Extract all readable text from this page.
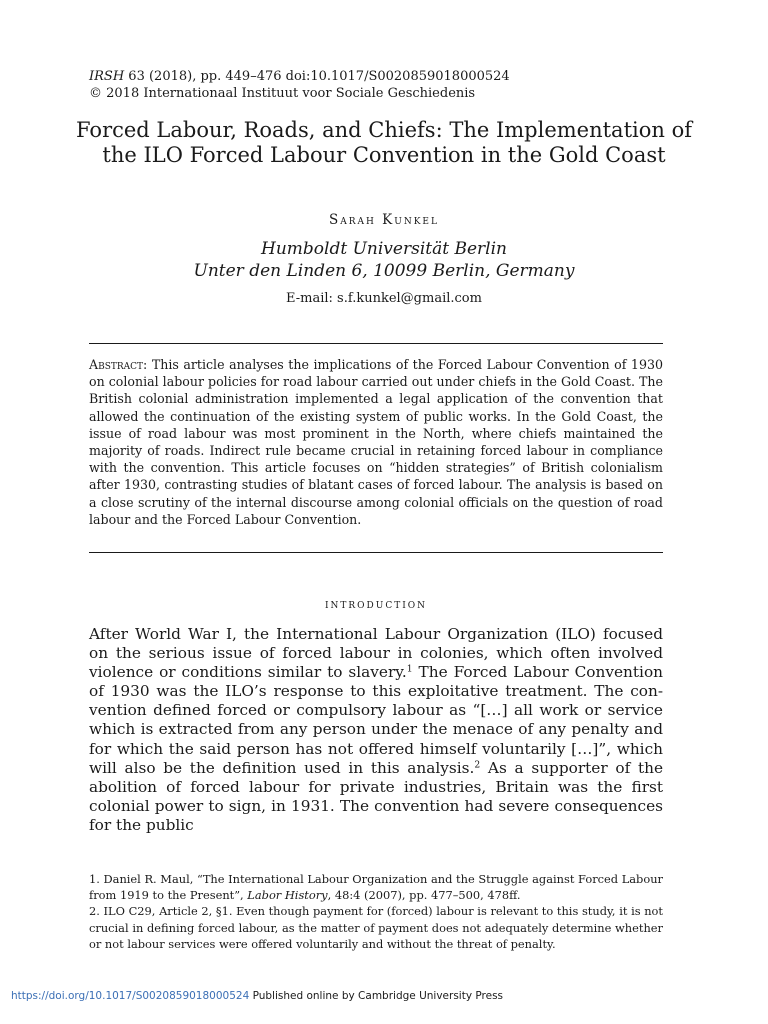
IRSH 63 (2018), pp. 449–476 doi:10.1017/S0020859018000524
© 2018 Internationaal Instituut voor Sociale Geschiedenis
Forced Labour, Roads, and Chiefs: The Implementation of the ILO Forced Labour Convention in the Gold Coast
Sarah Kunkel
Humboldt Universität Berlin
Unter den Linden 6, 10099 Berlin, Germany
E-mail: s.f.kunkel@gmail.com
Abstract: This article analyses the implications of the Forced Labour Convention of 1930 on colonial labour policies for road labour carried out under chiefs in the Gold Coast. The British colonial administration implemented a legal application of the convention that allowed the continuation of the existing system of public works. In the Gold Coast, the issue of road labour was most prominent in the North, where chiefs maintained the majority of roads. Indirect rule became crucial in retaining forced labour in compliance with the convention. This article focuses on “hidden strategies” of British colonialism after 1930, contrasting studies of blatant cases of forced labour. The analysis is based on a close scrutiny of the internal discourse among colonial officials on the question of road labour and the Forced Labour Convention.
introduction
After World War I, the International Labour Organization (ILO) focused on the serious issue of forced labour in colonies, which often involved violence or conditions similar to slavery.$^1$ The Forced Labour Convention of 1930 was the ILO’s response to this exploitative treatment. The convention defined forced or compulsory labour as “[…] all work or service which is extracted from any person under the menace of any penalty and for which the said person has not offered himself voluntarily […]”, which will also be the definition used in this analysis.$^2$ As a supporter of the abolition of forced labour for private industries, Britain was the first colonial power to sign, in 1931. The convention had severe consequences for the public

1. Daniel R. Maul, “The International Labour Organization and the Struggle against Forced Labour from 1919 to the Present”, Labor History, 48:4 (2007), pp. 477–500, 478ff.

2. ILO C29, Article 2, §1. Even though payment for (forced) labour is relevant to this study, it is not crucial in defining forced labour, as the matter of payment does not adequately determine whether or not labour services were offered voluntarily and without the threat of penalty.

https://doi.org/10.1017/S0020859018000524 Published online by Cambridge University Press
